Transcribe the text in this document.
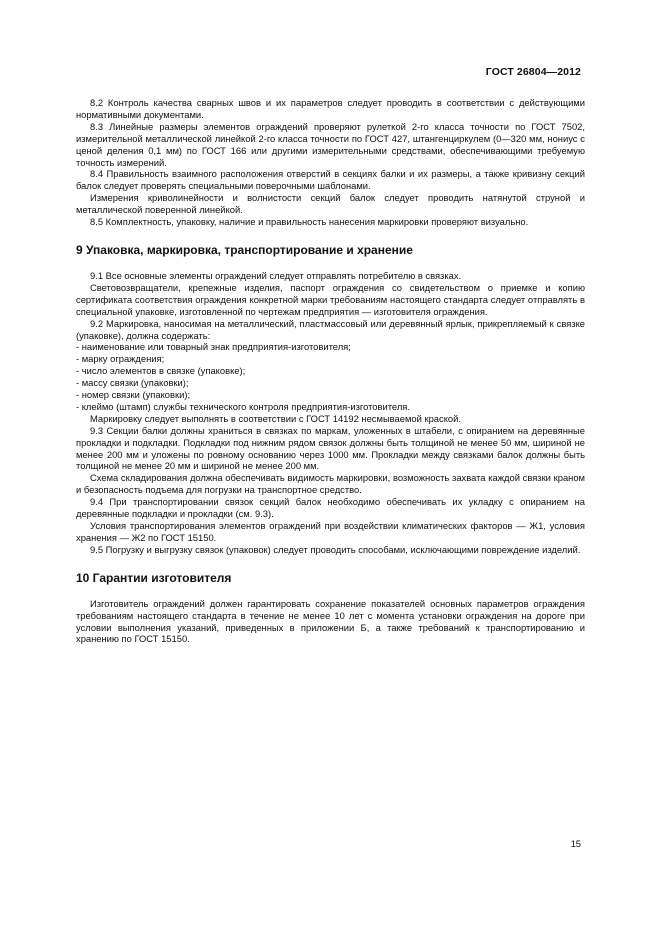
ГОСТ 26804—2012

8.2 Контроль качества сварных швов и их параметров следует проводить в соответствии с действующими нормативными документами.

8.3 Линейные размеры элементов ограждений проверяют рулеткой 2-го класса точности по ГОСТ 7502, измерительной металлической линейкой 2-го класса точности по ГОСТ 427, штангенциркулем (0—320 мм, нониус с ценой деления 0,1 мм) по ГОСТ 166 или другими измерительными средствами, обеспечивающими требуемую точность измерений.

8.4 Правильность взаимного расположения отверстий в секциях балки и их размеры, а также кривизну секций балок следует проверять специальными поверочными шаблонами.

Измерения криволинейности и волнистости секций балок следует проводить натянутой струной и металлической поверенной линейкой.

8.5 Комплектность, упаковку, наличие и правильность нанесения маркировки проверяют визуально.

9 Упаковка, маркировка, транспортирование и хранение

9.1 Все основные элементы ограждений следует отправлять потребителю в связках.

Световозвращатели, крепежные изделия, паспорт ограждения со свидетельством о приемке и копию сертификата соответствия ограждения конкретной марки требованиям настоящего стандарта следует отправлять в специальной упаковке, изготовленной по чертежам предприятия — изготовителя ограждения.

9.2 Маркировка, наносимая на металлический, пластмассовый или деревянный ярлык, прикрепляемый к связке (упаковке), должна содержать:

- наименование или товарный знак предприятия-изготовителя;

- марку ограждения;

- число элементов в связке (упаковке);

- массу связки (упаковки);

- номер связки (упаковки);

- клеймо (штамп) службы технического контроля предприятия-изготовителя.

Маркировку следует выполнять в соответствии с ГОСТ 14192 несмываемой краской.

9.3 Секции балки должны храниться в связках по маркам, уложенных в штабели, с опиранием на деревянные прокладки и подкладки. Подкладки под нижним рядом связок должны быть толщиной не менее 50 мм, шириной не менее 200 мм и уложены по ровному основанию через 1000 мм. Прокладки между связками балок должны быть толщиной не менее 20 мм и шириной не менее 200 мм.

Схема складирования должна обеспечивать видимость маркировки, возможность захвата каждой связки краном и безопасность подъема для погрузки на транспортное средство.

9.4 При транспортировании связок секций балок необходимо обеспечивать их укладку с опиранием на деревянные подкладки и прокладки (см. 9.3).

Условия транспортирования элементов ограждений при воздействии климатических факторов — Ж1, условия хранения — Ж2 по ГОСТ 15150.

9.5 Погрузку и выгрузку связок (упаковок) следует проводить способами, исключающими повреждение изделий.

10 Гарантии изготовителя

Изготовитель ограждений должен гарантировать сохранение показателей основных параметров ограждения требованиям настоящего стандарта в течение не менее 10 лет с момента установки ограждения на дороге при условии выполнения указаний, приведенных в приложении Б, а также требований к транспортированию и хранению по ГОСТ 15150.

15
